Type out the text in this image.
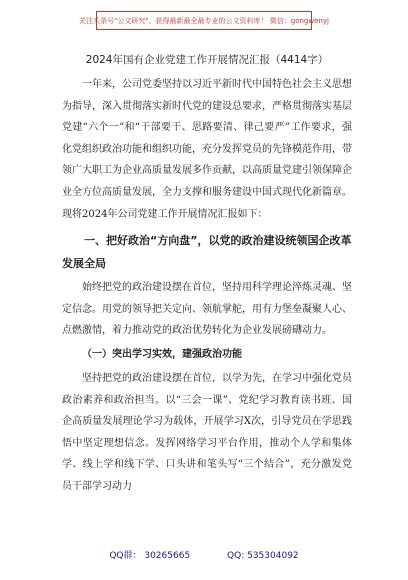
关注头条号"公文研究"，获得最新最全最专业的公文资料库！ 微信：gongwenyj
2024年国有企业党建工作开展情况汇报（4414字）

一年来，公司党委坚持以习近平新时代中国特色社会主义思想为指导，深入贯彻落实新时代党的建设总要求，严格贯彻落实基层党建“六个一”和“干部要干、思路要清、律己要严”工作要求，强化党组织政治功能和组织功能，充分发挥党员的先锋模范作用，带领广大职工为企业高质量发展多作贡献，以高质量党建引领保障企业全方位高质量发展，全力支撑和服务建设中国式现代化新篇章。现将2024年公司党建工作开展情况汇报如下：

一、把好政治“方向盘”，以党的政治建设统领国企改革发展全局

始终把党的政治建设摆在首位，坚持用科学理论淬炼灵魂、坚定信念。用党的领导把关定向、领航掌舵，用有力堡垒凝聚人心、点燃激情，着力推动党的政治优势转化为企业发展磅礴动力。

（一）突出学习实效，建强政治功能

坚持把党的政治建设摆在首位，以学为先，在学习中强化党员政治素养和政治担当。以“三会一课”、党纪学习教育读书班、国企高质量发展理论学习为载体，开展学习X次，引导党员在学思践悟中坚定理想信念。发挥网络学习平台作用，推动个人学和集体学、线上学和线下学、口头讲和笔头写“三个结合”，充分激发党员干部学习动力

QQ群： 30265665	QQ: 535304092
